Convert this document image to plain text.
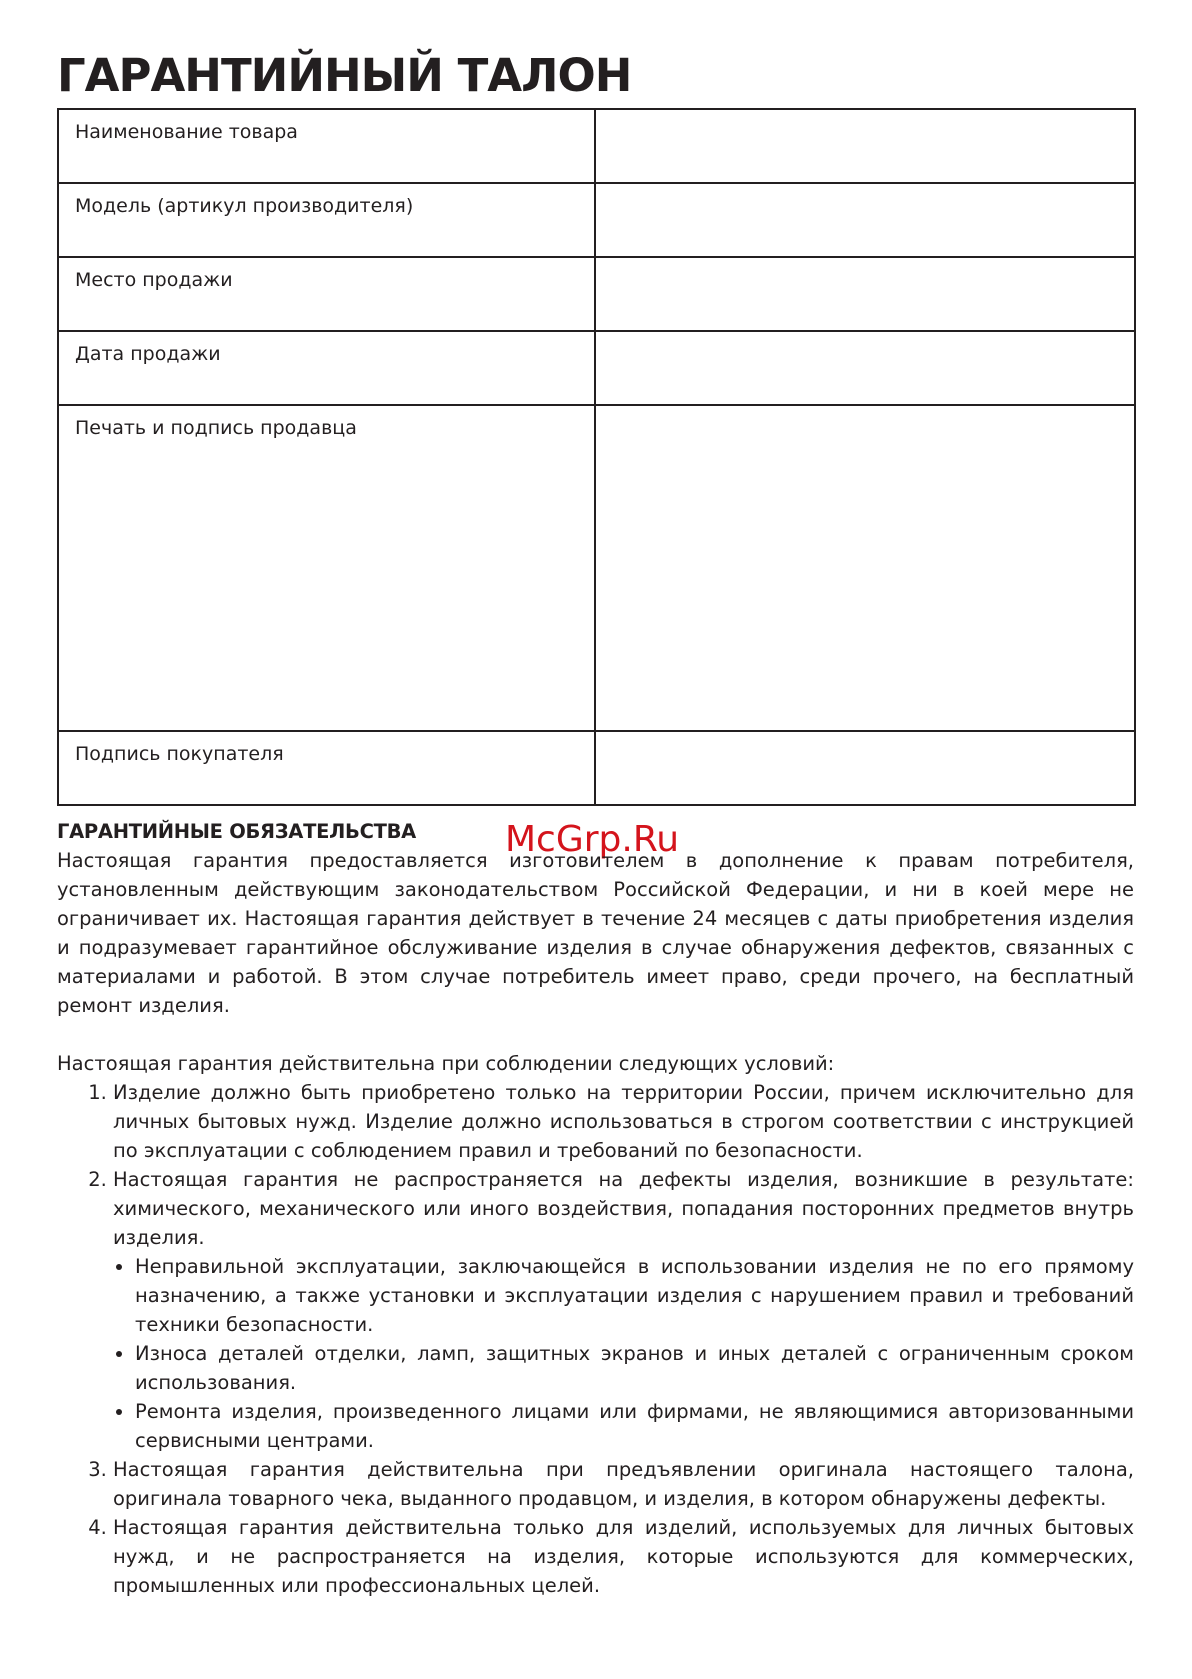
ГАРАНТИЙНЫЙ ТАЛОН
Наименование товара	
Модель (артикул производителя)	
Место продажи	
Дата продажи	
Печать и подпись продавца	
Подпись покупателя	
McGrp.Ru
ГАРАНТИЙНЫЕ ОБЯЗАТЕЛЬСТВА

Настоящая гарантия предоставляется изготовителем в дополнение к правам потребителя, установленным действующим законодательством Российской Федерации, и ни в коей мере не ограничивает их. Настоящая гарантия действует в течение 24 месяцев с даты приобретения изделия и подразумевает гарантийное обслуживание изделия в случае обнаружения дефектов, связанных с материалами и работой. В этом случае потребитель имеет право, среди прочего, на бесплатный ремонт изделия.

Настоящая гарантия действительна при соблюдении следующих условий:

1. Изделие должно быть приобретено только на территории России, причем исключительно для личных бытовых нужд. Изделие должно использоваться в строгом соответствии с инструкцией по эксплуатации с соблюдением правил и требований по безопасности.
2. Настоящая гарантия не распространяется на дефекты изделия, возникшие в результате: химического, механического или иного воздействия, попадания посторонних предметов внутрь изделия.
• Неправильной эксплуатации, заключающейся в использовании изделия не по его прямому назначению, а также установки и эксплуатации изделия с нарушением правил и требований техники безопасности.
• Износа деталей отделки, ламп, защитных экранов и иных деталей с ограниченным сроком использования.
• Ремонта изделия, произведенного лицами или фирмами, не являющимися авторизованными сервисными центрами.
3. Настоящая гарантия действительна при предъявлении оригинала настоящего талона, оригинала товарного чека, выданного продавцом, и изделия, в котором обнаружены дефекты.
4. Настоящая гарантия действительна только для изделий, используемых для личных бытовых нужд, и не распространяется на изделия, которые используются для коммерческих, промышленных или профессиональных целей.
